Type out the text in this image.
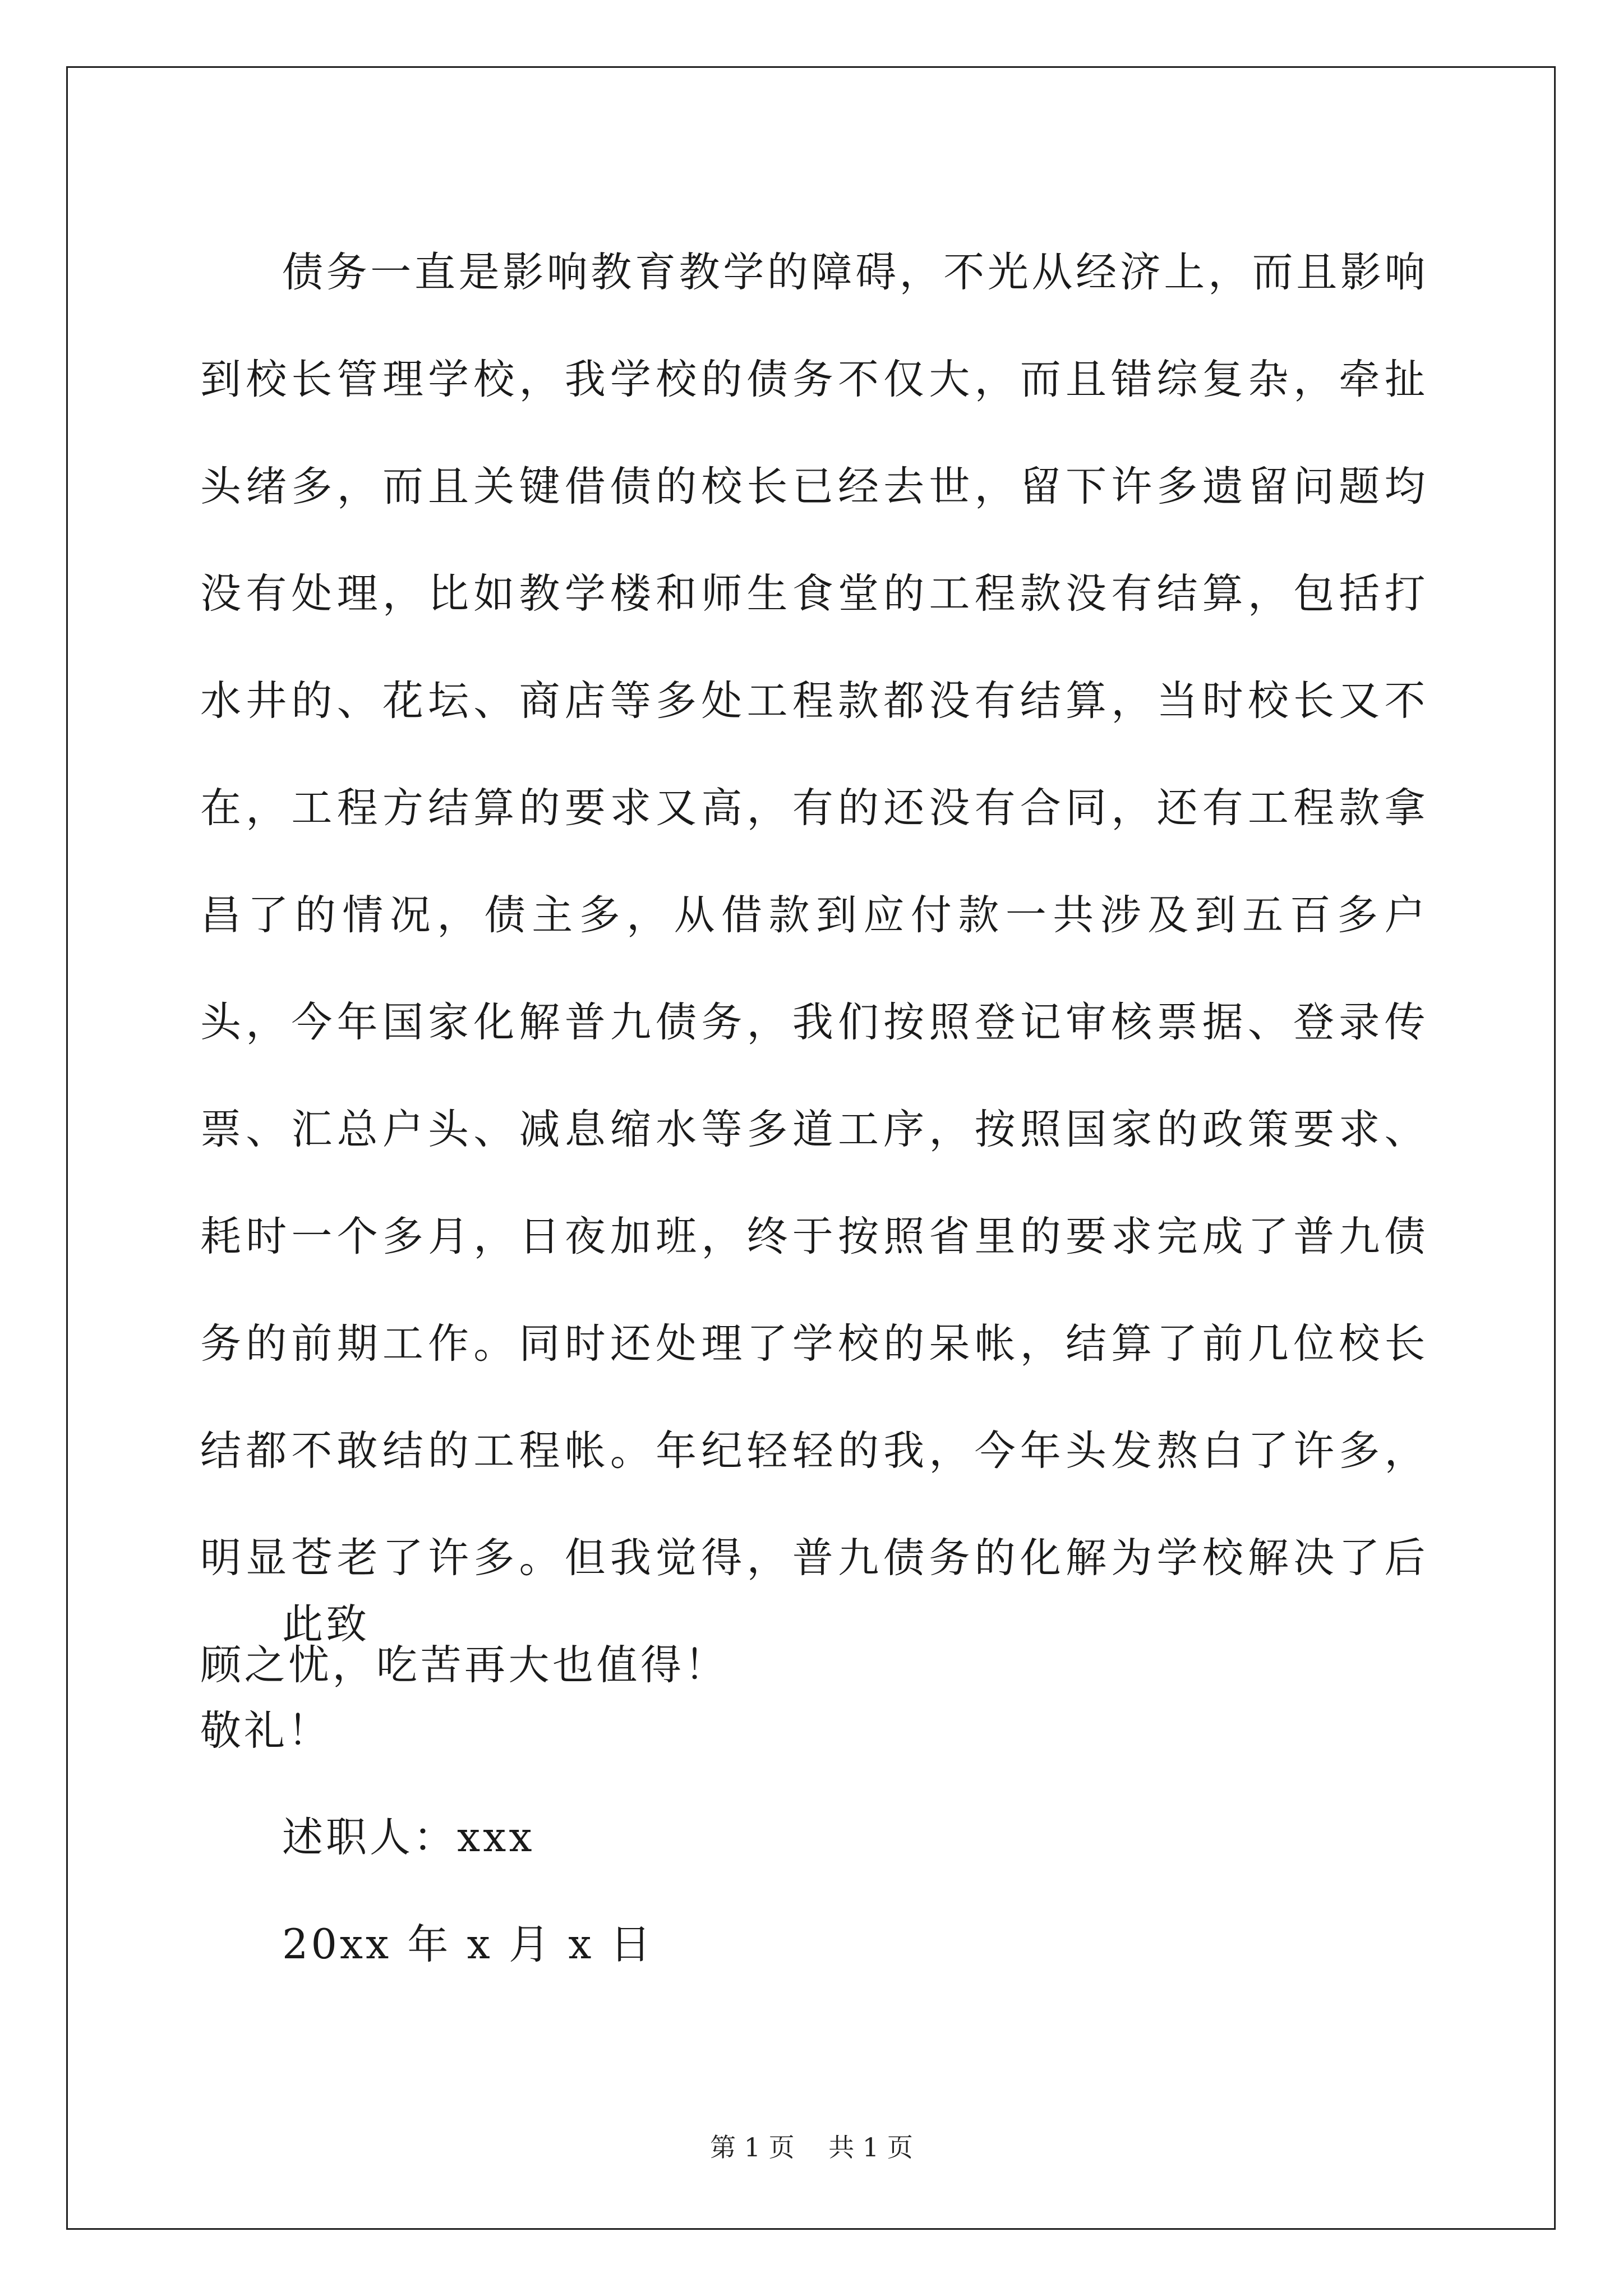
债务一直是影响教育教学的障碍，不光从经济上，而且影响到校长管理学校，我学校的债务不仅大，而且错综复杂，牵扯头绪多，而且关键借债的校长已经去世，留下许多遗留问题均没有处理，比如教学楼和师生食堂的工程款没有结算，包括打水井的、花坛、商店等多处工程款都没有结算，当时校长又不在，工程方结算的要求又高，有的还没有合同，还有工程款拿昌了的情况，债主多，从借款到应付款一共涉及到五百多户头，今年国家化解普九债务，我们按照登记审核票据、登录传票、汇总户头、减息缩水等多道工序，按照国家的政策要求、耗时一个多月，日夜加班，终于按照省里的要求完成了普九债务的前期工作。同时还处理了学校的呆帐，结算了前几位校长结都不敢结的工程帐。年纪轻轻的我，今年头发熬白了许多，明显苍老了许多。但我觉得，普九债务的化解为学校解决了后顾之忧，吃苦再大也值得！

此致

敬礼！

述职人：xxx

20xx 年 x 月 x 日

第 1 页　 共 1 页
